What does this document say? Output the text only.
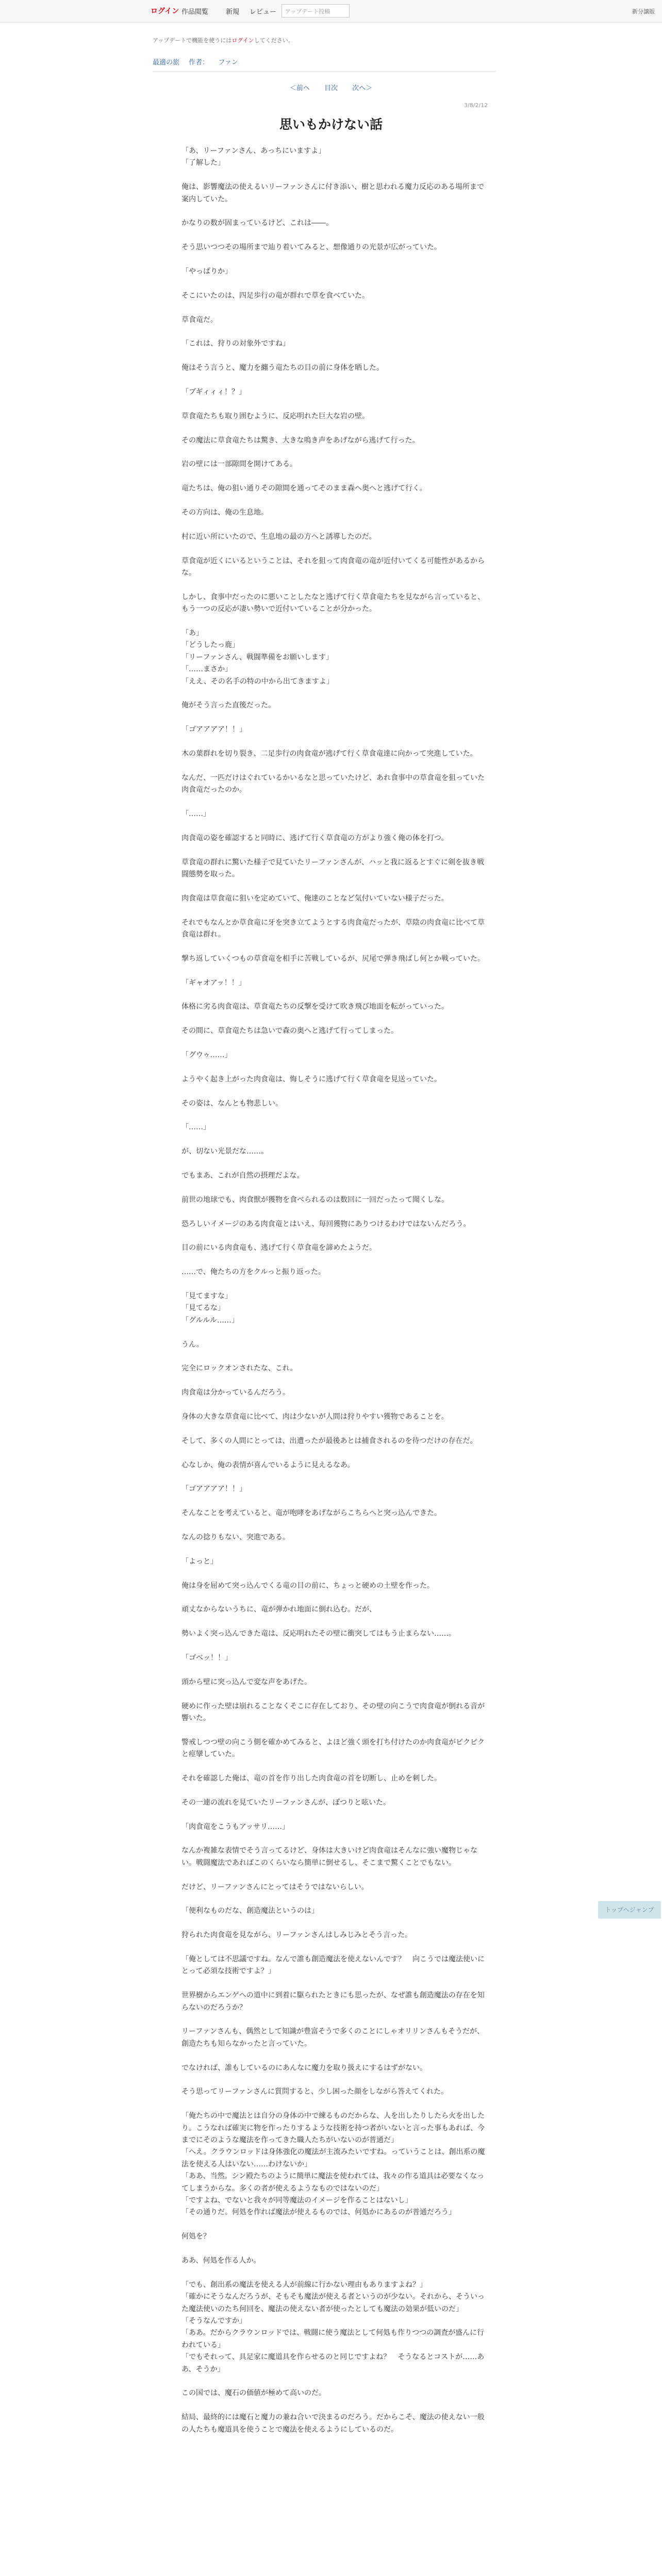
ログイン 作品閲覧	新規 レビュー	アップデート投稿	新分譲版
アップデートで機能を使うにはログインしてください。
最適の旅 作者： ファン
＜前へ 目次 次へ＞
3/8/2/12
思いもかけない話

「あ、リーファンさん、あっちにいますよ」

「了解した」

俺は、影響魔法の使えるいリーファンさんに付き添い、樹と思われる魔力反応のある場所まで案内していた。

かなりの数が固まっているけど、これは――。

そう思いつつその場所まで辿り着いてみると、想像通りの光景が広がっていた。

「やっぱりか」

そこにいたのは、四足歩行の竜が群れで草を食べていた。

草食竜だ。

「これは、狩りの対象外ですね」

俺はそう言うと、魔力を纏う竜たちの目の前に身体を晒した。

「ブギィィィ！？」

草食竜たちも取り囲むように、反応明れた巨大な岩の壁。

その魔法に草食竜たちは驚き、大きな鳴き声をあげながら逃げて行った。

岩の壁には一部隙間を開けてある。

竜たちは、俺の狙い通りその隙間を通ってそのまま森へ奥へと逃げて行く。

その方向は、俺の生息地。

村に近い所にいたので、生息地の最の方へと誘導したのだ。

草食竜が近くにいるということは、それを狙って肉食竜の竜が近付いてくる可能性があるからな。

しかし、食事中だったのに悪いことしたなと逃げて行く草食竜たちを見ながら言っていると、もう一つの反応が凄い勢いで近付いていることが分かった。

「あ」

「どうしたっ鹿」

「リーファンさん、戦闘準備をお願いします」

「……まさか」

「ええ、その名手の特の中から出てきますよ」

俺がそう言った直後だった。

「ゴアアアア！！」

木の葉群れを切り裂き、二足歩行の肉食竜が逃げて行く草食竜達に向かって突進していた。

なんだ、一匹だけはぐれているかいるなと思っていたけど、あれ食事中の草食竜を狙っていた肉食竜だったのか。

「……」

肉食竜の姿を確認すると同時に、逃げて行く草食竜の方がより強く俺の体を打つ。

草食竜の群れに驚いた様子で見ていたリーファンさんが、ハッと我に返るとすぐに剣を抜き戦闘態勢を取った。

肉食竜は草食竜に狙いを定めていて、俺達のことなど気付いていない様子だった。

それでもなんとか草食竜に牙を突き立てようとする肉食竜だったが、草陰の肉食竜に比べて草食竜は群れ。

撃ち返していくつもの草食竜を相手に苦戦しているが、尻尾で弾き飛ばし何とか戦っていた。

「ギャオアッ！！」

体格に劣る肉食竜は、草食竜たちの反撃を受けて吹き飛び地面を転がっていった。

その間に、草食竜たちは急いで森の奥へと逃げて行ってしまった。

「グウゥ……」

ようやく起き上がった肉食竜は、悔しそうに逃げて行く草食竜を見送っていた。

その姿は、なんとも物悲しい。

「……」

が、切ない光景だな……。

でもまあ、これが自然の摂理だよな。

前世の地球でも、肉食獣が獲物を食べられるのは数回に一回だったって聞くしな。

恐ろしいイメージのある肉食竜とはいえ、毎回獲物にありつけるわけではないんだろう。

目の前にいる肉食竜も、逃げて行く草食竜を諦めたようだ。

……で、俺たちの方をクルっと振り返った。

「見てますな」

「見てるな」

「グルルル……」

うん。

完全にロックオンされたな、これ。

肉食竜は分かっているんだろう。

身体の大きな草食竜に比べて、肉は少ないが人間は狩りやすい獲物であることを。

そして、多くの人間にとっては、出遭ったが最後あとは捕食されるのを待つだけの存在だ。

心なしか、俺の表情が喜んでいるように見えるなあ。

「ゴアアアア！！」

そんなことを考えていると、竜が咆哮をあげながらこちらへと突っ込んできた。

なんの捻りもない、突進である。

「よっと」

俺は身を屈めて突っ込んでくる竜の目の前に、ちょっと硬めの土壁を作った。

頑丈なからないうちに、竜が弾かれ地面に倒れ込む。だが、

勢いよく突っ込んできた竜は、反応明れたその壁に衝突してはもう止まらない……。

「ゴベッ！！」

頭から壁に突っ込んで変な声をあげた。

硬めに作った壁は崩れることなくそこに存在しており、その壁の向こうで肉食竜が倒れる音が響いた。

警戒しつつ壁の向こう側を確かめてみると、よほど強く頭を打ち付けたのか肉食竜がピクピクと痙攣していた。

それを確認した俺は、竜の首を作り出した肉食竜の首を切断し、止めを刺した。

その一連の流れを見ていたリーファンさんが、ぽつりと呟いた。

「肉食竜をこうもアッサリ……」

なんか複雑な表情でそう言ってるけど、身体は大きいけど肉食竜はそんなに強い魔物じゃない。戦闘魔法であればこのくらいなら簡単に倒せるし、そこまで驚くことでもない。

だけど、リーファンさんにとってはそうではないらしい。

「便利なものだな、創造魔法というのは」

狩られた肉食竜を見ながら、リーファンさんはしみじみとそう言った。

「俺としては不思議ですね。なんで誰も創造魔法を使えないんです？　向こうでは魔法使いにとって必須な技術ですよ？」

世界樹からエンゲへの道中に到着に駆られたときにも思ったが、なぜ誰も創造魔法の存在を知らないのだろうか？

リーファンさんも、偶然として知識が豊富そうで多くのことにしゃオリリンさんもそうだが、創造たちも知らなかったと言っていた。

でなければ、誰もしているのにあんなに魔力を取り扱えにするはずがない。

そう思ってリーファンさんに質問すると、少し困った顔をしながら答えてくれた。

「俺たちの中で魔法とは自分の身体の中で練るものだからな、人を出したりしたら火を出したり。こうなれば確実に物を作ったりするような技術を持つ者がいないと言った事もあれば、今までにそのような魔法を作ってきた職人たちがいないのが普通だ」

「へえ。クラウンロッドは身体強化の魔法が主流みたいですね。っていうことは、創出系の魔法を使える人はいない……わけないか」

「ああ、当然。シン殿たちのように簡単に魔法を使われては、我々の作る道具は必要なくなってしまうからな。多くの者が使えるようなものではないのだ」

「ですよね、でないと我々が同等魔法のイメージを作ることはないし」

「その通りだ。何処を作れば魔法が使えるものでは、何処かにあるのが普通だろう」

何処を？

ああ、何処を作る人か。

「でも、創出系の魔法を使える人が前線に行かない理由もありますよね？」

「確かにそうなんだろうが、そもそも魔法が使える者というのが少ない。それから、そういった魔法使いのたち何回を、魔法の使えない者が使ったとしても魔法の効果が低いのだ」

「そうなんですか」

「ああ。だからクラウンロッドでは、戦闘に使う魔法として何処も作りつつの調査が盛んに行われている」

「でもそれって、具足家に魔道具を作らせるのと同じですよね？　そうなるとコストが……ああ、そうか」

この国では、魔石の価値が極めて高いのだ。

結局、最終的には魔石と魔力の兼ね合いで決まるのだろう。だからこそ、魔法の使えない一般の人たちも魔道具を使うことで魔法を使えるようにしているのだ。

トップへジャンプ
